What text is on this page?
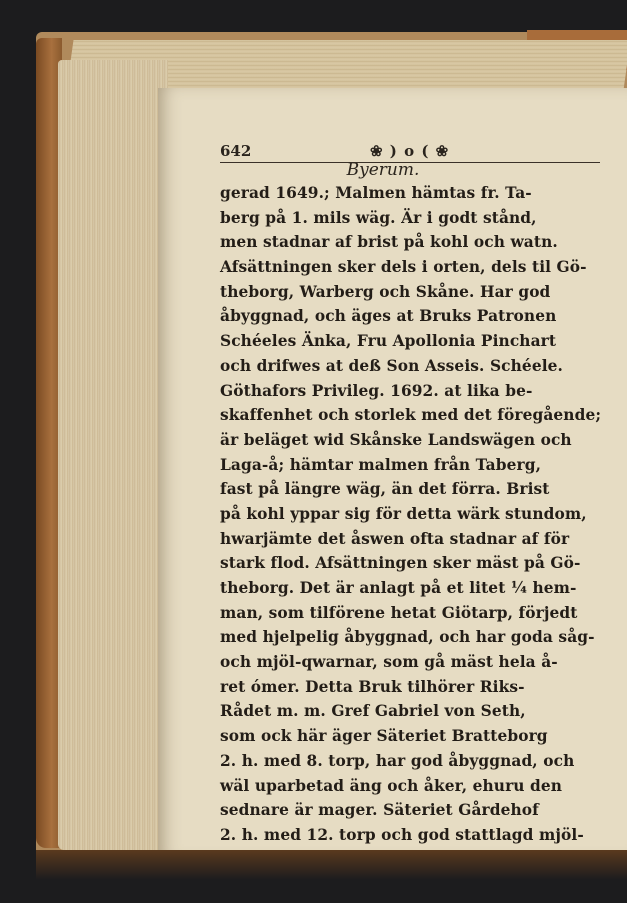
642	❀ ) o ( ❀
Byerum.
gerad 1649.; Malmen hämtas fr. Ta-
berg på 1. mils wäg. Är i godt stånd,
men stadnar af brist på kohl och watn.
Afsättningen sker dels i orten, dels til Gö-
theborg, Warberg och Skåne. Har god
åbyggnad, och äges at Bruks Patronen
Schéeles Änka, Fru Apollonia Pinchart
och drifwes at deß Son Asseis. Schéele.
Göthafors Privileg. 1692. at lika be-
skaffenhet och storlek med det föregående;
är beläget wid Skånske Landswägen och
Laga-å; hämtar malmen från Taberg,
fast på längre wäg, än det förra. Brist
på kohl yppar sig för detta wärk stundom,
hwarjämte det åswen ofta stadnar af för
stark flod. Afsättningen sker mäst på Gö-
theborg. Det är anlagt på et litet ¼ hem-
man, som tilförene hetat Giötarp, förjedt
med hjelpelig åbyggnad, och har goda såg-
och mjöl-qwarnar, som gå mäst hela å-
ret ómer. Detta Bruk tilhörer Riks-
Rådet m. m. Gref Gabriel von Seth,
som ock här äger Säteriet Bratteborg
2. h. med 8. torp, har god åbyggnad, och
wäl uparbetad äng och åker, ehuru den
sednare är mager. Säteriet Gårdehof
2. h. med 12. torp och god stattlagd mjöl-
